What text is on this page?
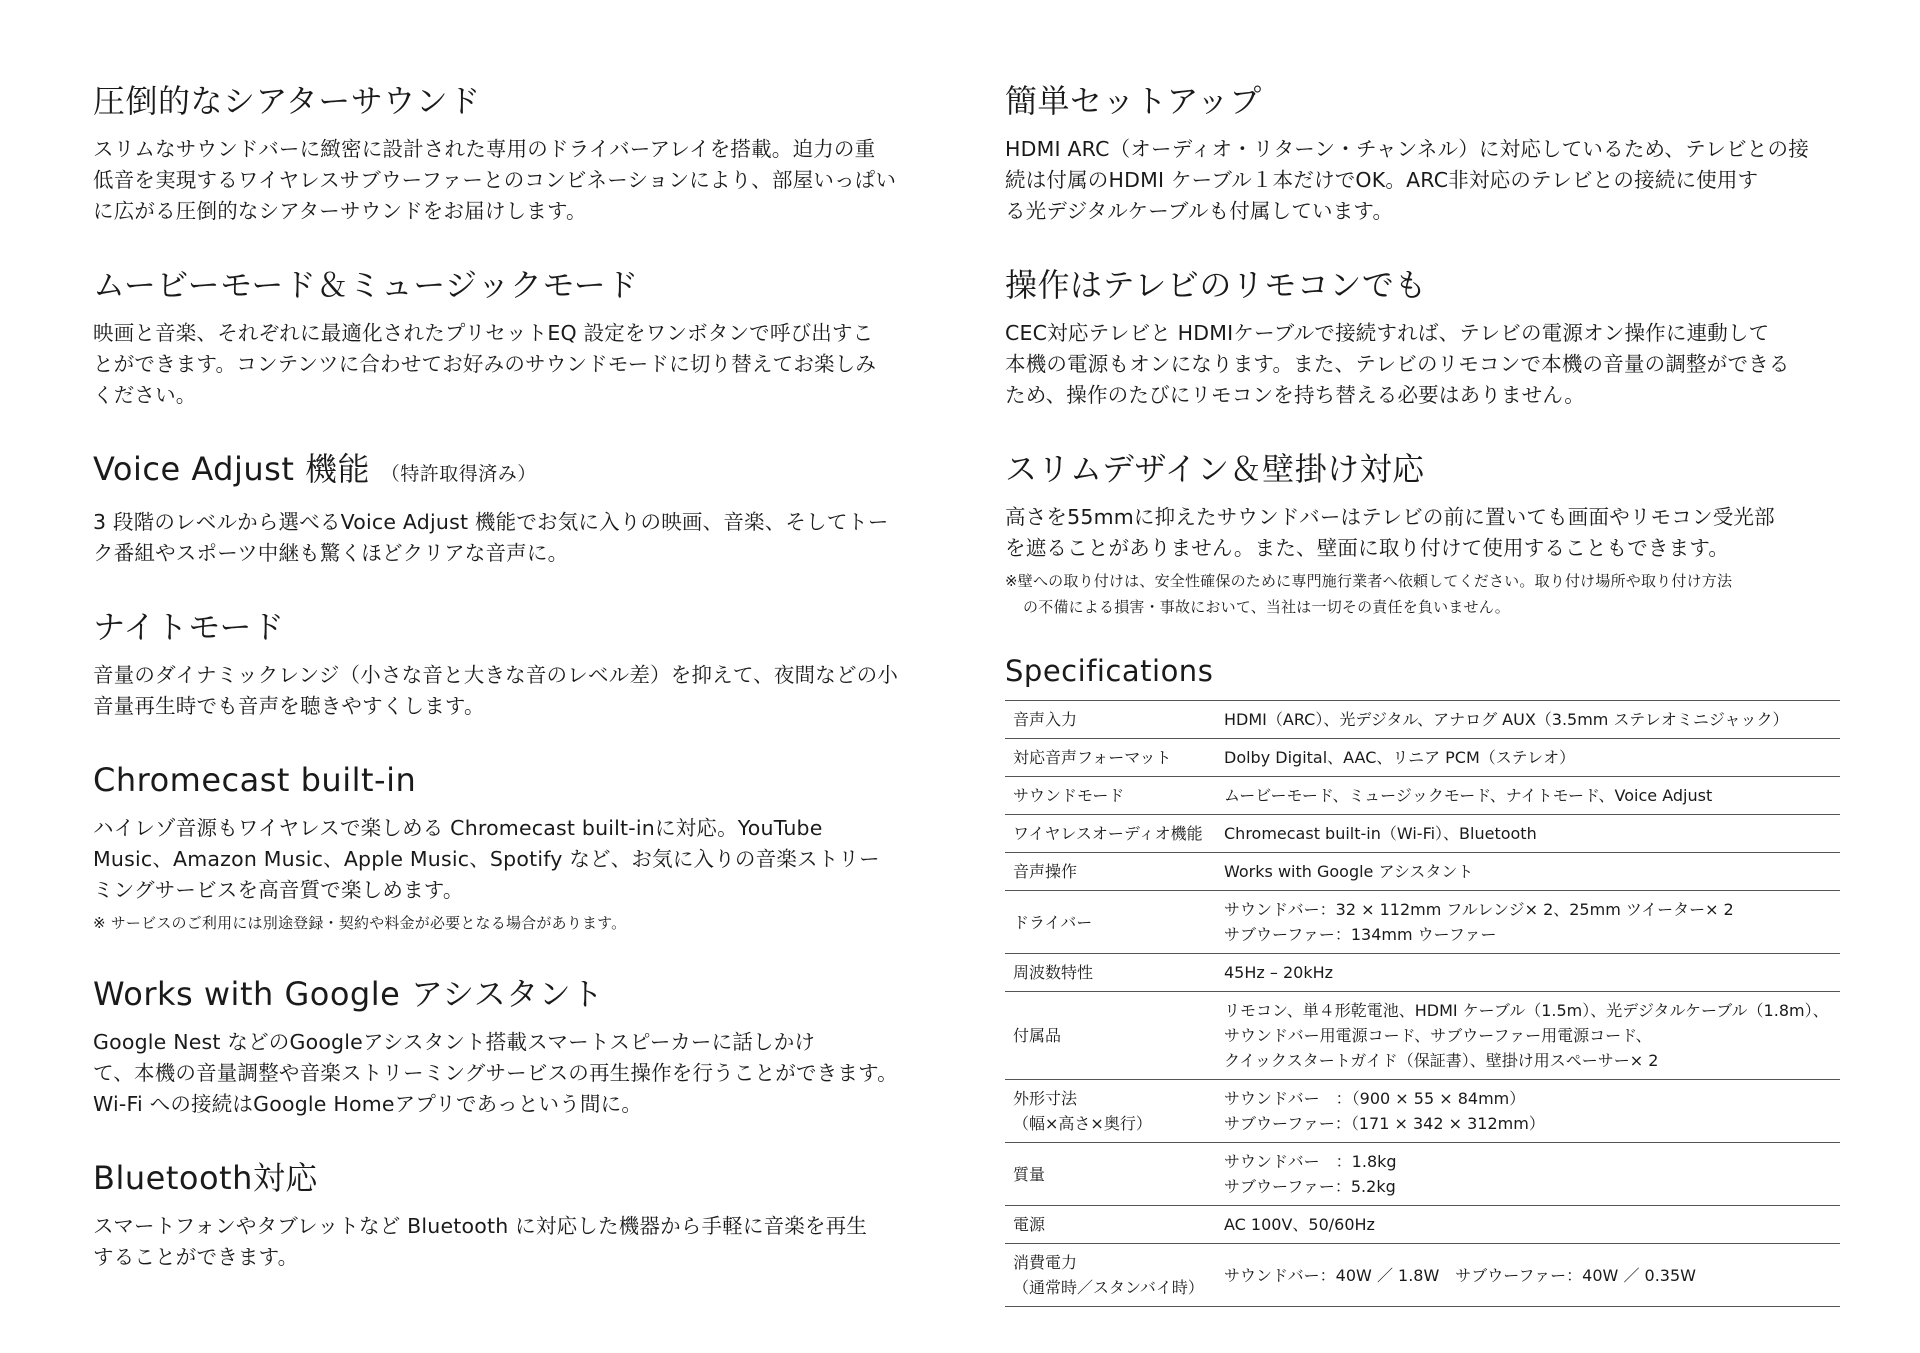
圧倒的なシアターサウンド

スリムなサウンドバーに緻密に設計された専用のドライバーアレイを搭載。迫力の重
低音を実現するワイヤレスサブウーファーとのコンビネーションにより、部屋いっぱい
に広がる圧倒的なシアターサウンドをお届けします。

ムービーモード＆ミュージックモード

映画と音楽、それぞれに最適化されたプリセットEQ 設定をワンボタンで呼び出すこ
とができます。コンテンツに合わせてお好みのサウンドモードに切り替えてお楽しみ
ください。

Voice Adjust 機能 （特許取得済み）

3 段階のレベルから選べるVoice Adjust 機能でお気に入りの映画、音楽、そしてトー
ク番組やスポーツ中継も驚くほどクリアな音声に。

ナイトモード

音量のダイナミックレンジ（小さな音と大きな音のレベル差）を抑えて、夜間などの小
音量再生時でも音声を聴きやすくします。

Chromecast built-in

ハイレゾ音源もワイヤレスで楽しめる Chromecast built-inに対応。YouTube
Music、Amazon Music、Apple Music、Spotify など、お気に入りの音楽ストリー
ミングサービスを高音質で楽しめます。

※ サービスのご利用には別途登録・契約や料金が必要となる場合があります。

Works with Google アシスタント

Google Nest などのGoogleアシスタント搭載スマートスピーカーに話しかけ
て、本機の音量調整や音楽ストリーミングサービスの再生操作を行うことができます。
Wi-Fi への接続はGoogle Homeアプリであっという間に。

Bluetooth対応

スマートフォンやタブレットなど Bluetooth に対応した機器から手軽に音楽を再生
することができます。

簡単セットアップ

HDMI ARC（オーディオ・リターン・チャンネル）に対応しているため、テレビとの接
続は付属のHDMI ケーブル１本だけでOK。ARC非対応のテレビとの接続に使用す
る光デジタルケーブルも付属しています。

操作はテレビのリモコンでも

CEC対応テレビと HDMIケーブルで接続すれば、テレビの電源オン操作に連動して
本機の電源もオンになります。また、テレビのリモコンで本機の音量の調整ができる
ため、操作のたびにリモコンを持ち替える必要はありません。

スリムデザイン＆壁掛け対応

高さを55mmに抑えたサウンドバーはテレビの前に置いても画面やリモコン受光部
を遮ることがありません。また、壁面に取り付けて使用することもできます。

※壁への取り付けは、安全性確保のために専門施行業者へ依頼してください。取り付け場所や取り付け方法
の不備による損害・事故において、当社は一切その責任を負いません。

Specifications
音声入力	HDMI（ARC）、光デジタル、アナログ AUX（3.5mm ステレオミニジャック）
対応音声フォーマット	Dolby Digital、AAC、リニア PCM（ステレオ）
サウンドモード	ムービーモード、ミュージックモード、ナイトモード、Voice Adjust
ワイヤレスオーディオ機能	Chromecast built-in（Wi-Fi）、Bluetooth
音声操作	Works with Google アシスタント
ドライバー	サウンドバー：32 × 112mm フルレンジ× 2、25mm ツイーター× 2
サブウーファー：134mm ウーファー

周波数特性	45Hz – 20kHz
付属品	リモコン、単４形乾電池、HDMI ケーブル（1.5m）、光デジタルケーブル（1.8m）、
サウンドバー用電源コード、サブウーファー用電源コード、
クイックスタートガイド（保証書）、壁掛け用スペーサー× 2

外形寸法
（幅×高さ×奥行）	サウンドバー　：（900 × 55 × 84mm）
サブウーファー：（171 × 342 × 312mm）

質量	サウンドバー　：1.8kg
サブウーファー：5.2kg

電源	AC 100V、50/60Hz

消費電力
（通常時／スタンバイ時）	サウンドバー：40W ／ 1.8W　サブウーファー：40W ／ 0.35W
